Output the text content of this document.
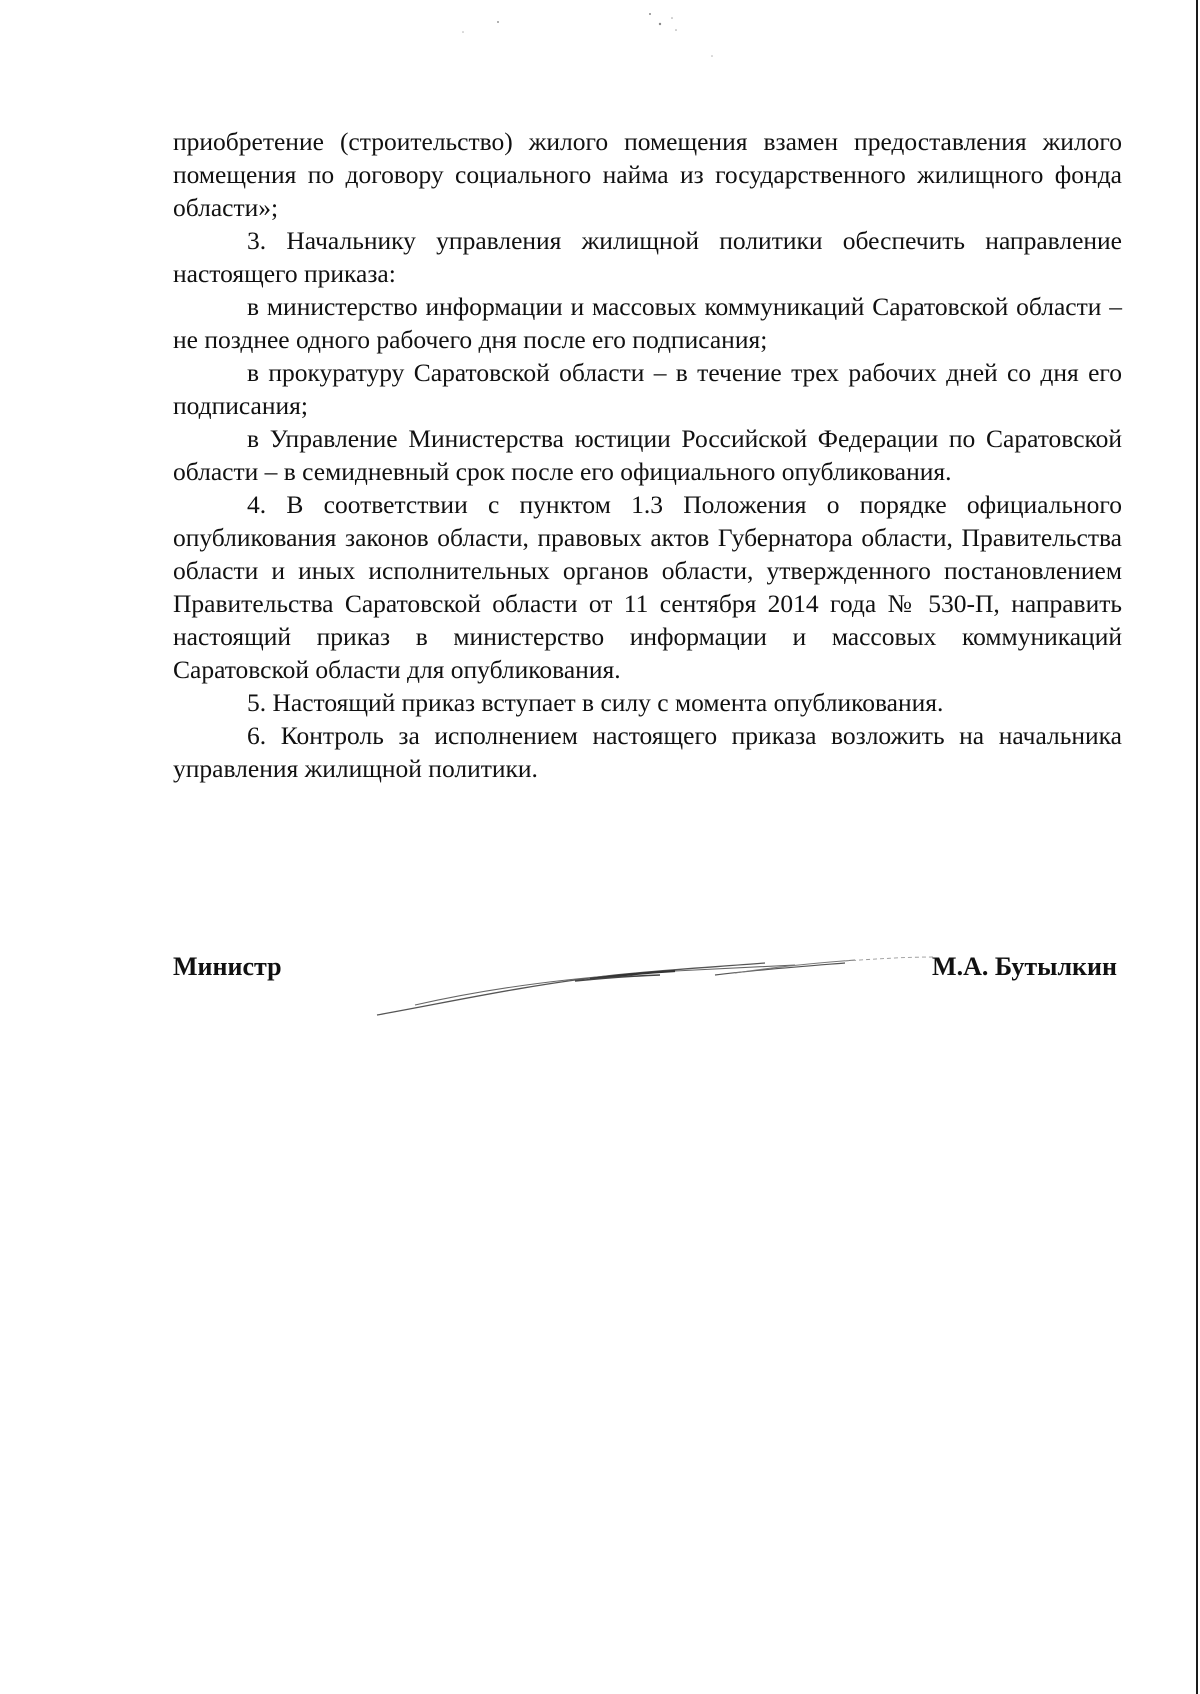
приобретение (строительство) жилого помещения взамен предоставления жилого помещения по договору социального найма из государственного жилищного фонда области»;

3. Начальнику управления жилищной политики обеспечить направление настоящего приказа:

в министерство информации и массовых коммуникаций Саратовской области – не позднее одного рабочего дня после его подписания;

в прокуратуру Саратовской области – в течение трех рабочих дней со дня его подписания;

в Управление Министерства юстиции Российской Федерации по Саратовской области – в семидневный срок после его официального опубликования.

4. В соответствии с пунктом 1.3 Положения о порядке официального опубликования законов области, правовых актов Губернатора области, Правительства области и иных исполнительных органов области, утвержденного постановлением Правительства Саратовской области от 11 сентября 2014 года № 530-П, направить настоящий приказ в министерство информации и массовых коммуникаций Саратовской области для опубликования.

5. Настоящий приказ вступает в силу с момента опубликования.

6. Контроль за исполнением настоящего приказа возложить на начальника управления жилищной политики.

Министр	М.А. Бутылкин
